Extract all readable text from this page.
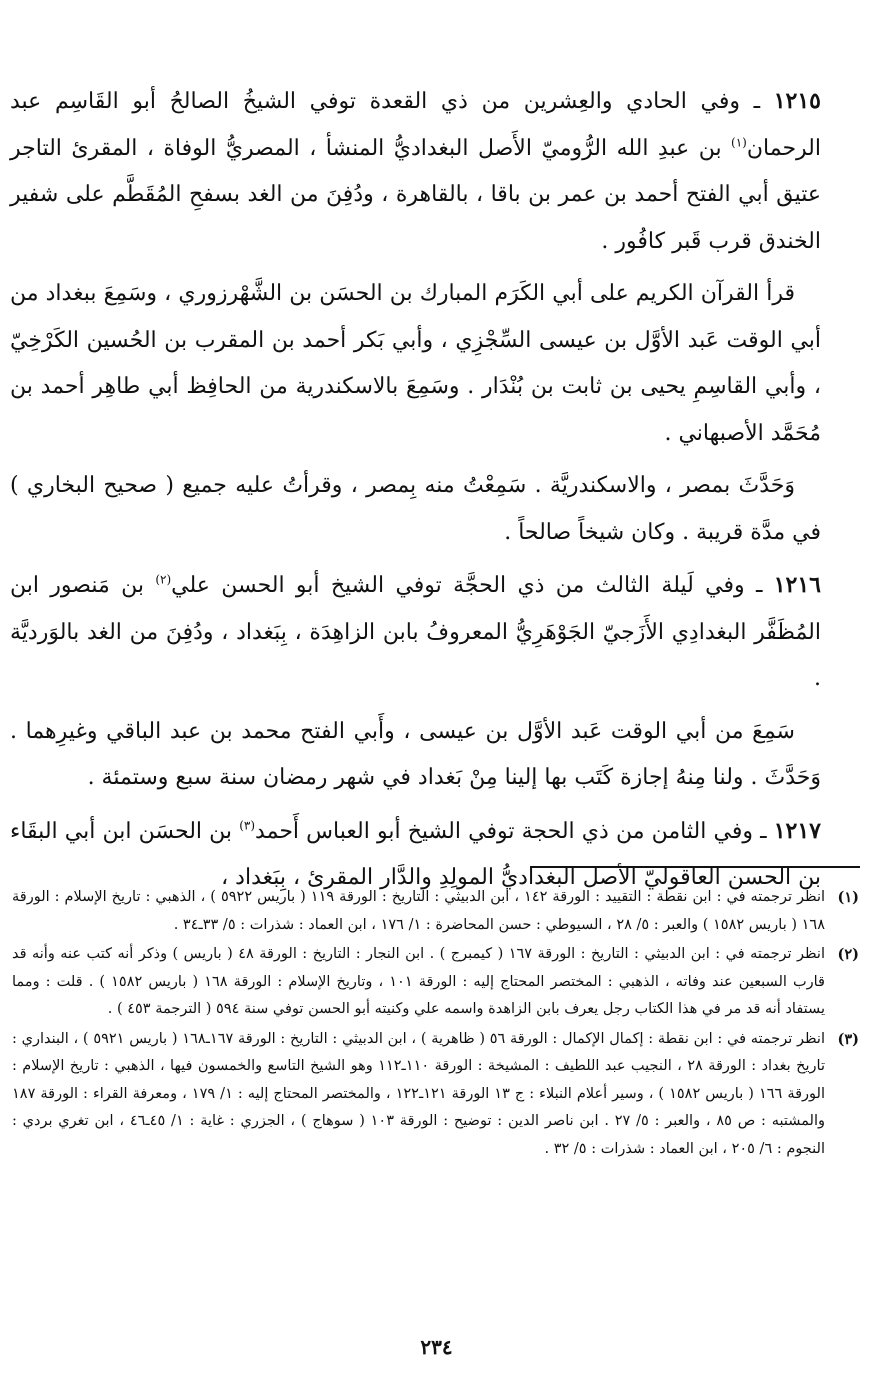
١٢١٥ ـ وفي الحادي والعِشرين من ذي القعدة توفي الشيخُ الصالحُ أبو القَاسِم عبد الرحمان$^{(١)}$ بن عبدِ الله الرُّوميّ الأَصل البغداديُّ المنشأ ، المصريُّ الوفاة ، المقرئ التاجر عتيق أبي الفتح أحمد بن عمر بن باقا ، بالقاهرة ، ودُفِنَ من الغد بسفحِ المُقَطَّم على شفير الخندق قرب قَبر كافُور .

قرأ القرآن الكريم على أبي الكَرَم المبارك بن الحسَن بن الشَّهْرزوري ، وسَمِعَ ببغداد من أبي الوقت عَبد الأوَّل بن عيسى السِّجْزِي ، وأبي بَكر أحمد بن المقرب بن الحُسين الكَرْخِيّ ، وأبي القاسِمِ يحيى بن ثابت بن بُنْدَار . وسَمِعَ بالاسكندرية من الحافِظ أبي طاهِر أحمد بن مُحَمَّد الأصبهاني .

وَحَدَّثَ بمصر ، والاسكندريَّة . سَمِعْتُ منه بِمصر ، وقرأتُ عليه جميع ( صحيح البخاري ) في مدَّة قريبة . وكان شيخاً صالحاً .

١٢١٦ ـ وفي لَيلة الثالث من ذي الحجَّة توفي الشيخ أبو الحسن علي$^{(٢)}$ بن مَنصور ابن المُظَفَّر البغدادِي الأَزَجيّ الجَوْهَرِيُّ المعروفُ بابن الزاهِدَة ، بِبَغداد ، ودُفِنَ من الغد بالوَرديَّة .

سَمِعَ من أبي الوقت عَبد الأوَّل بن عيسى ، وأَبي الفتح محمد بن عبد الباقي وغيرِهما . وَحَدَّثَ . ولنا مِنهُ إجازة كَتَب بها إلينا مِنْ بَغداد في شهر رمضان سنة سبع وستمئة .

١٢١٧ ـ وفي الثامن من ذي الحجة توفي الشيخ أبو العباس أَحمد$^{(٣)}$ بن الحسَن ابن أبي البقَاء بن الحسن العاقوليّ الأصل البغداديُّ المولِدِ والدَّار المقرئ ، بِبَغداد ،

(١)
انظر ترجمته في : ابن نقطة : التقييد : الورقة ١٤٢ ، ابن الدبيثي : التاريخ : الورقة ١١٩ ( باريس ٥٩٢٢ ) ، الذهبي : تاريخ الإسلام : الورقة ١٦٨ ( باريس ١٥٨٢ ) والعبر : ٥/ ٢٨ ، السيوطي : حسن المحاضرة : ١/ ١٧٦ ، ابن العماد : شذرات : ٥/ ٣٣ـ٣٤ .
(٢)
انظر ترجمته في : ابن الدبيثي : التاريخ : الورقة ١٦٧ ( كيمبرج ) . ابن النجار : التاريخ : الورقة ٤٨ ( باريس ) وذكر أنه كتب عنه وأنه قد قارب السبعين عند وفاته ، الذهبي : المختصر المحتاج إليه : الورقة ١٠١ ، وتاريخ الإسلام : الورقة ١٦٨ ( باريس ١٥٨٢ ) . قلت : ومما يستفاد أنه قد مر في هذا الكتاب رجل يعرف بابن الزاهدة واسمه علي وكنيته أبو الحسن توفي سنة ٥٩٤ ( الترجمة ٤٥٣ ) .
(٣)
انظر ترجمته في : ابن نقطة : إكمال الإكمال : الورقة ٥٦ ( ظاهرية ) ، ابن الدبيثي : التاريخ : الورقة ١٦٧ـ١٦٨ ( باريس ٥٩٢١ ) ، البنداري : تاريخ بغداد : الورقة ٢٨ ، النجيب عبد اللطيف : المشيخة : الورقة ١١٠ـ١١٢ وهو الشيخ التاسع والخمسون فيها ، الذهبي : تاريخ الإسلام : الورقة ١٦٦ ( باريس ١٥٨٢ ) ، وسير أعلام النبلاء : ج ١٣ الورقة ١٢١ـ١٢٢ ، والمختصر المحتاج إليه : ١/ ١٧٩ ، ومعرفة القراء : الورقة ١٨٧ والمشتبه : ص ٨٥ ، والعبر : ٥/ ٢٧ . ابن ناصر الدين : توضيح : الورقة ١٠٣ ( سوهاج ) ، الجزري : غاية : ١/ ٤٥ـ٤٦ ، ابن تغري بردي : النجوم : ٦/ ٢٠٥ ، ابن العماد : شذرات : ٥/ ٣٢ .
٢٣٤
